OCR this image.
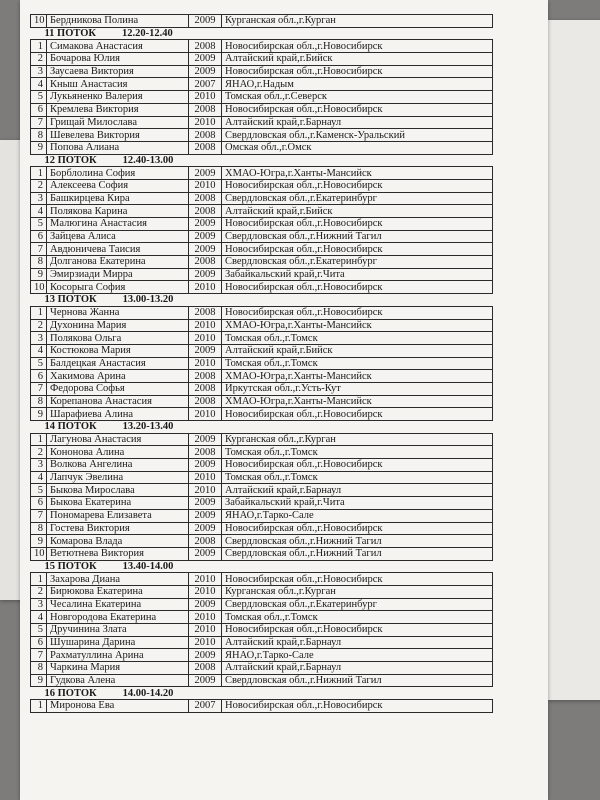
10	Бердникова Полина	2009	Курганская обл.,г.Курган
11 ПОТОК 12.20-12.40			
1	Симакова Анастасия	2008	Новосибирская обл.,г.Новосибирск
2	Бочарова Юлия	2009	Алтайский край,г.Бийск
3	Заусаева Виктория	2009	Новосибирская обл.,г.Новосибирск
4	Кныш Анастасия	2007	ЯНАО,г.Надым
5	Лукьяненко Валерия	2010	Томская обл.,г.Северск
6	Кремлева Виктория	2008	Новосибирская обл.,г.Новосибирск
7	Грищай Милослава	2010	Алтайский край,г.Барнаул
8	Шевелева Виктория	2008	Свердловская обл.,г.Каменск-Уральский
9	Попова Алиана	2008	Омская обл.,г.Омск
12 ПОТОК 12.40-13.00			
1	Борблолина София	2009	ХМАО-Югра,г.Ханты-Мансийск
2	Алексеева София	2010	Новосибирская обл.,г.Новосибирск
3	Башкирцева Кира	2008	Свердловская обл.,г.Екатеринбург
4	Полякова Карина	2008	Алтайский край,г.Бийск
5	Малюгина Анастасия	2009	Новосибирская обл.,г.Новосибирск
6	Зайцева Алиса	2009	Свердловская обл.,г.Нижний Тагил
7	Авдюничева Таисия	2009	Новосибирская обл.,г.Новосибирск
8	Долганова Екатерина	2008	Свердловская обл.,г.Екатеринбург
9	Эмирзиади Мирра	2009	Забайкальский край,г.Чита
10	Косорыга София	2010	Новосибирская обл.,г.Новосибирск
13 ПОТОК 13.00-13.20			
1	Чернова Жанна	2008	Новосибирская обл.,г.Новосибирск
2	Духонина Мария	2010	ХМАО-Югра,г.Ханты-Мансийск
3	Полякова Ольга	2010	Томская обл.,г.Томск
4	Костюкова Мария	2009	Алтайский край,г.Бийск
5	Балдецкая Анастасия	2010	Томская обл.,г.Томск
6	Хакимова Арина	2008	ХМАО-Югра,г.Ханты-Мансийск
7	Федорова Софья	2008	Иркутская обл.,г.Усть-Кут
8	Корепанова Анастасия	2008	ХМАО-Югра,г.Ханты-Мансийск
9	Шарафиева Алина	2010	Новосибирская обл.,г.Новосибирск
14 ПОТОК 13.20-13.40			
1	Лагунова Анастасия	2009	Курганская обл.,г.Курган
2	Кононова Алина	2008	Томская обл.,г.Томск
3	Волкова Ангелина	2009	Новосибирская обл.,г.Новосибирск
4	Лапчук Эвелина	2010	Томская обл.,г.Томск
5	Быкова Мирослава	2010	Алтайский край,г.Барнаул
6	Быкова Екатерина	2009	Забайкальский край,г.Чита
7	Пономарева Елизавета	2009	ЯНАО,г.Тарко-Сале
8	Гостева Виктория	2009	Новосибирская обл.,г.Новосибирск
9	Комарова Влада	2008	Свердловская обл.,г.Нижний Тагил
10	Ветютнева Виктория	2009	Свердловская обл.,г.Нижний Тагил
15 ПОТОК 13.40-14.00			
1	Захарова Диана	2010	Новосибирская обл.,г.Новосибирск
2	Бирюкова Екатерина	2010	Курганская обл.,г.Курган
3	Чесалина Екатерина	2009	Свердловская обл.,г.Екатеринбург
4	Новгородова Екатерина	2010	Томская обл.,г.Томск
5	Дручинина Злата	2010	Новосибирская обл.,г.Новосибирск
6	Шушарина Дарина	2010	Алтайский край,г.Барнаул
7	Рахматуллина Арина	2009	ЯНАО,г.Тарко-Сале
8	Чаркина Мария	2008	Алтайский край,г.Барнаул
9	Гудкова Алена	2009	Свердловская обл.,г.Нижний Тагил
16 ПОТОК 14.00-14.20			
1	Миронова Ева	2007	Новосибирская обл.,г.Новосибирск
